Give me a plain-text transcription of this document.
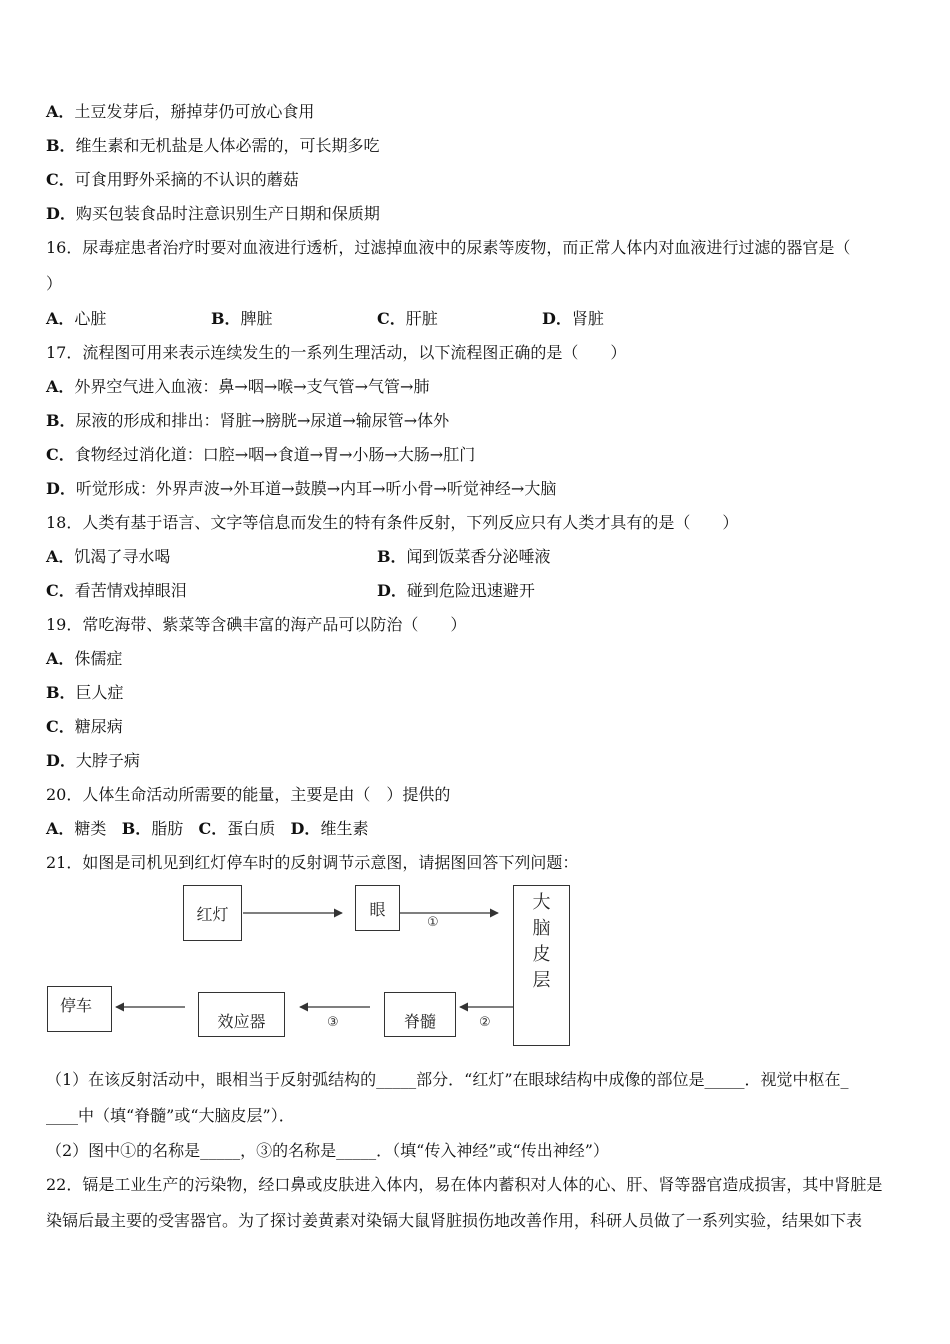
A．土豆发芽后，掰掉芽仍可放心食用
B．维生素和无机盐是人体必需的，可长期多吃
C．可食用野外采摘的不认识的蘑菇
D．购买包装食品时注意识别生产日期和保质期
16．尿毒症患者治疗时要对血液进行透析，过滤掉血液中的尿素等废物，而正常人体内对血液进行过滤的器官是（
）
A．心脏	B．脾脏	C．肝脏	D．肾脏
17．流程图可用来表示连续发生的一系列生理活动，以下流程图正确的是（　　）
A．外界空气进入血液：鼻→咽→喉→支气管→气管→肺
B．尿液的形成和排出：肾脏→膀胱→尿道→输尿管→体外
C．食物经过消化道：口腔→咽→食道→胃→小肠→大肠→肛门
D．听觉形成：外界声波→外耳道→鼓膜→内耳→听小骨→听觉神经→大脑
18．人类有基于语言、文字等信息而发生的特有条件反射，下列反应只有人类才具有的是（　　）
A．饥渴了寻水喝	B．闻到饭菜香分泌唾液
C．看苦情戏掉眼泪	D．碰到危险迅速避开
19．常吃海带、紫菜等含碘丰富的海产品可以防治（　　）
A．侏儒症
B．巨人症
C．糖尿病
D．大脖子病
20．人体生命活动所需要的能量，主要是由（　）提供的
A．糖类 B．脂肪 C．蛋白质 D．维生素
21．如图是司机见到红灯停车时的反射调节示意图，请据图回答下列问题：
红灯	眼	大
脑
皮
层
停车
效应器	脊髓
①
②
③
（1）在该反射活动中，眼相当于反射弧结构的_____部分．“红灯”在眼球结构中成像的部位是_____．视觉中枢在_
____中（填“脊髓”或“大脑皮层”）．
（2）图中①的名称是_____，③的名称是_____．（填“传入神经”或“传出神经”）
22．镉是工业生产的污染物，经口鼻或皮肤进入体内，易在体内蓄积对人体的心、肝、肾等器官造成损害，其中肾脏是
染镉后最主要的受害器官。为了探讨姜黄素对染镉大鼠肾脏损伤地改善作用，科研人员做了一系列实验，结果如下表
